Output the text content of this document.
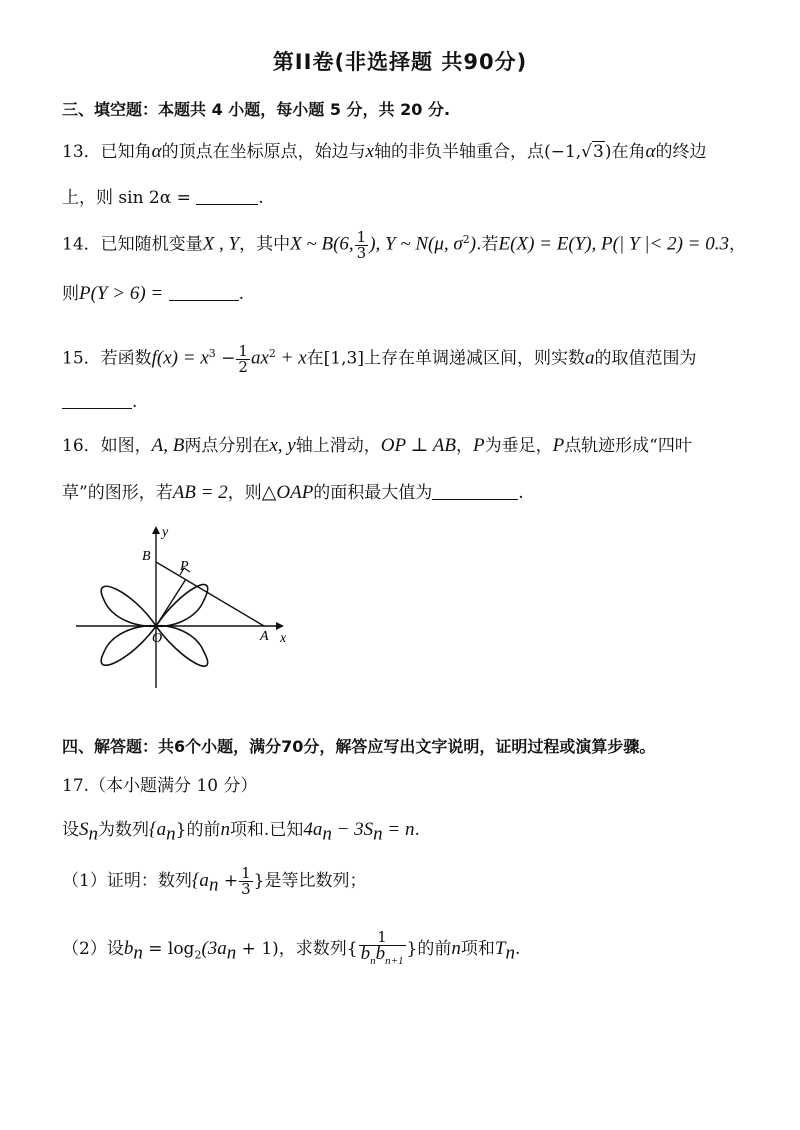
第II卷(非选择题 共90分)
三、填空题：本题共 4 小题，每小题 5 分，共 20 分.
13．已知角α的顶点在坐标原点，始边与x轴的非负半轴重合，点(−1,√3)在角α的终边
上，则 sin 2α =	.
14．已知随机变量X , Y，其中X ~ B(6, $\frac{1}{3}$ ), Y ~ N(μ, $\sigma^2$).若E(X) = E(Y), P(| Y |< 2) = 0.3，
则P(Y > 6) =	.
15．若函数$f(x) = x^3 - \frac{1}{2} ax^2 + x$在[1,3]上存在单调递减区间，则实数a的取值范围为
.
16．如图，A, B两点分别在x, y轴上滑动，OP ⊥ AB，P为垂足，P点轨迹形成“四叶
草”的图形，若AB = 2，则△OAP的面积最大值为	.
y
B
P
O	A x
四、解答题：共6个小题，满分70分，解答应写出文字说明，证明过程或演算步骤。
17.（本小题满分 10 分）
设$S_n$为数列$\{a_n\}$的前n项和.已知$4a_n - 3S_n = n$.
（1）证明：数列{$a_n + \frac{1}{3}$ }是等比数列；
（2）设$b_n = \log_2(3a_n + 1)$，求数列{ $\frac{1}{b_nb_{n+1}}$ }的前n项和$T_n$.
